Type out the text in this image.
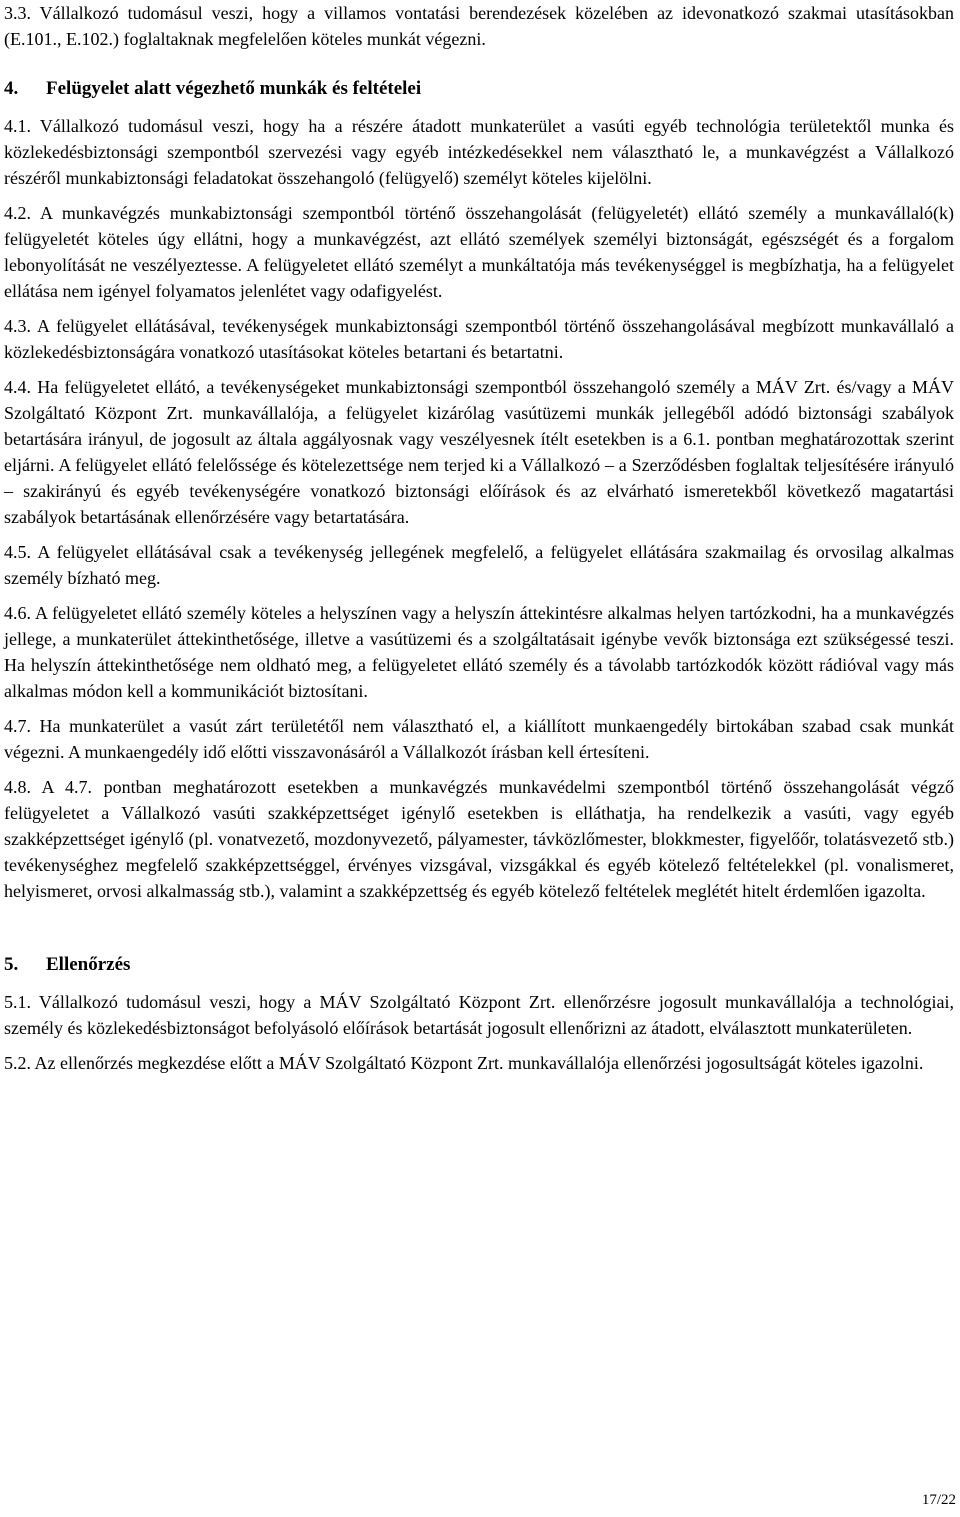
3.3. Vállalkozó tudomásul veszi, hogy a villamos vontatási berendezések közelében az idevonatkozó szakmai utasításokban (E.101., E.102.) foglaltaknak megfelelően köteles munkát végezni.

4. Felügyelet alatt végezhető munkák és feltételei

4.1. Vállalkozó tudomásul veszi, hogy ha a részére átadott munkaterület a vasúti egyéb technológia területektől munka és közlekedésbiztonsági szempontból szervezési vagy egyéb intézkedésekkel nem választható le, a munkavégzést a Vállalkozó részéről munkabiztonsági feladatokat összehangoló (felügyelő) személyt köteles kijelölni.

4.2. A munkavégzés munkabiztonsági szempontból történő összehangolását (felügyeletét) ellátó személy a munkavállaló(k) felügyeletét köteles úgy ellátni, hogy a munkavégzést, azt ellátó személyek személyi biztonságát, egészségét és a forgalom lebonyolítását ne veszélyeztesse. A felügyeletet ellátó személyt a munkáltatója más tevékenységgel is megbízhatja, ha a felügyelet ellátása nem igényel folyamatos jelenlétet vagy odafigyelést.

4.3. A felügyelet ellátásával, tevékenységek munkabiztonsági szempontból történő összehangolásával megbízott munkavállaló a közlekedésbiztonságára vonatkozó utasításokat köteles betartani és betartatni.

4.4. Ha felügyeletet ellátó, a tevékenységeket munkabiztonsági szempontból összehangoló személy a MÁV Zrt. és/vagy a MÁV Szolgáltató Központ Zrt. munkavállalója, a felügyelet kizárólag vasútüzemi munkák jellegéből adódó biztonsági szabályok betartására irányul, de jogosult az általa aggályosnak vagy veszélyesnek ítélt esetekben is a 6.1. pontban meghatározottak szerint eljárni. A felügyelet ellátó felelőssége és kötelezettsége nem terjed ki a Vállalkozó – a Szerződésben foglaltak teljesítésére irányuló – szakirányú és egyéb tevékenységére vonatkozó biztonsági előírások és az elvárható ismeretekből következő magatartási szabályok betartásának ellenőrzésére vagy betartatására.

4.5. A felügyelet ellátásával csak a tevékenység jellegének megfelelő, a felügyelet ellátására szakmailag és orvosilag alkalmas személy bízható meg.

4.6. A felügyeletet ellátó személy köteles a helyszínen vagy a helyszín áttekintésre alkalmas helyen tartózkodni, ha a munkavégzés jellege, a munkaterület áttekinthetősége, illetve a vasútüzemi és a szolgáltatásait igénybe vevők biztonsága ezt szükségessé teszi. Ha helyszín áttekinthetősége nem oldható meg, a felügyeletet ellátó személy és a távolabb tartózkodók között rádióval vagy más alkalmas módon kell a kommunikációt biztosítani.

4.7. Ha munkaterület a vasút zárt területétől nem választható el, a kiállított munkaengedély birtokában szabad csak munkát végezni. A munkaengedély idő előtti visszavonásáról a Vállalkozót írásban kell értesíteni.

4.8. A 4.7. pontban meghatározott esetekben a munkavégzés munkavédelmi szempontból történő összehangolását végző felügyeletet a Vállalkozó vasúti szakképzettséget igénylő esetekben is elláthatja, ha rendelkezik a vasúti, vagy egyéb szakképzettséget igénylő (pl. vonatvezető, mozdonyvezető, pályamester, távközlőmester, blokkmester, figyelőőr, tolatásvezető stb.) tevékenységhez megfelelő szakképzettséggel, érvényes vizsgával, vizsgákkal és egyéb kötelező feltételekkel (pl. vonalismeret, helyismeret, orvosi alkalmasság stb.), valamint a szakképzettség és egyéb kötelező feltételek meglétét hitelt érdemlően igazolta.

5. Ellenőrzés

5.1. Vállalkozó tudomásul veszi, hogy a MÁV Szolgáltató Központ Zrt. ellenőrzésre jogosult munkavállalója a technológiai, személy és közlekedésbiztonságot befolyásoló előírások betartását jogosult ellenőrizni az átadott, elválasztott munkaterületen.

5.2. Az ellenőrzés megkezdése előtt a MÁV Szolgáltató Központ Zrt. munkavállalója ellenőrzési jogosultságát köteles igazolni.

17/22
